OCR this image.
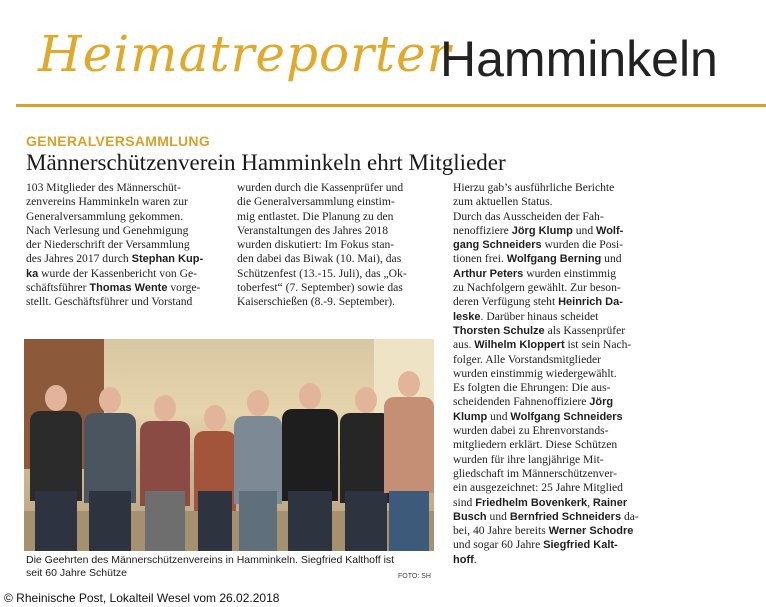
Heimatreporter
Hamminkeln
GENERALVERSAMMLUNG
Männerschützenverein Hamminkeln ehrt Mitglieder

103 Mitglieder des Männerschüt-

zenvereins Hamminkeln waren zur

Generalversammlung gekommen.

Nach Verlesung und Genehmigung

der Niederschrift der Versammlung

des Jahres 2017 durch Stephan Kup-

ka wurde der Kassenbericht von Ge-

schäftsführer Thomas Wente vorge-

stellt. Geschäftsführer und Vorstand

wurden durch die Kassenprüfer und

die Generalversammlung einstim-

mig entlastet. Die Planung zu den

Veranstaltungen des Jahres 2018

wurden diskutiert: Im Fokus stan-

den dabei das Biwak (10. Mai), das

Schützenfest (13.-15. Juli), das „Ok-

toberfest“ (7. September) sowie das

Kaiserschießen (8.-9. September).

Hierzu gab’s ausführliche Berichte

zum aktuellen Status.

Durch das Ausscheiden der Fah-

nenoffiziere Jörg Klump und Wolf-

gang Schneiders wurden die Posi-

tionen frei. Wolfgang Berning und

Arthur Peters wurden einstimmig

zu Nachfolgern gewählt. Zur beson-

deren Verfügung steht Heinrich Da-

leske. Darüber hinaus scheidet

Thorsten Schulze als Kassenprüfer

aus. Wilhelm Kloppert ist sein Nach-

folger. Alle Vorstandsmitglieder

wurden einstimmig wiedergewählt.

Es folgten die Ehrungen: Die aus-

scheidenden Fahnenoffiziere Jörg

Klump und Wolfgang Schneiders

wurden dabei zu Ehrenvorstands-

mitgliedern erklärt. Diese Schützen

wurden für ihre langjährige Mit-

gliedschaft im Männerschützenver-

ein ausgezeichnet: 25 Jahre Mitglied

sind Friedhelm Bovenkerk, Rainer

Busch und Bernfried Schneiders da-

bei, 40 Jahre bereits Werner Schodre

und sogar 60 Jahre Siegfried Kalt-

hoff.

Die Geehrten des Männerschützenvereins in Hamminkeln. Siegfried Kalthoff ist
seit 60 Jahre Schütze	FOTO: SH
© Rheinische Post, Lokalteil Wesel vom 26.02.2018
